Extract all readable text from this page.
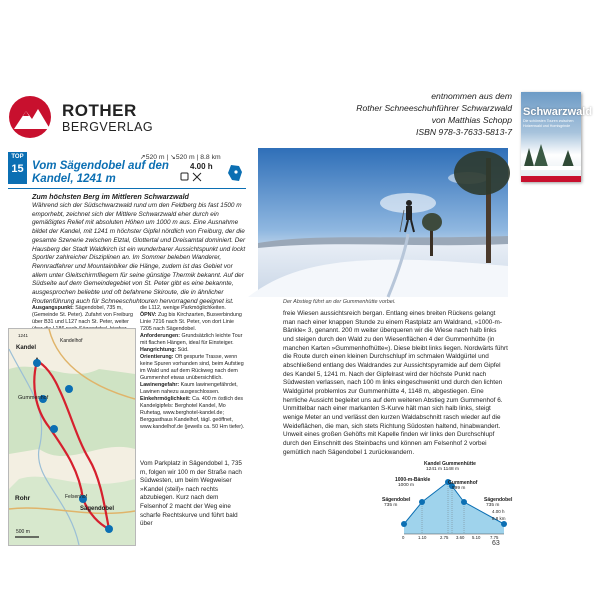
ROTHER
BERGVERLAG
entnommen aus dem
Rother Schneeschuhführer Schwarzwald
von Matthias Schopp
ISBN 978-3-7633-5813-7
Schwarzwald
Die schönsten Touren zwischen Hotzenwald und Hornisgrinde
TOP
15
↗520 m | ↘520 m | 8.8 km
Vom Sägendobel auf den Kandel, 1241 m
4.00 h
Zum höchsten Berg im Mittleren Schwarzwald
Während sich der Südschwarzwald rund um den Feldberg bis fast 1500 m emporhebt, zeichnet sich der Mittlere Schwarzwald eher durch ein gemäßigtes Relief mit absoluten Höhen um 1000 m aus. Eine Ausnahme bildet der Kandel, mit 1241 m höchster Gipfel nördlich von Freiburg, der die gesamte Szenerie zwischen Elztal, Glottertal und Dreisamtal dominiert. Der Hausberg der Stadt Waldkirch ist ein wunderbarer Aussichtspunkt und lockt Sportler zahlreicher Disziplinen an. Im Sommer beleben Wanderer, Rennradfahrer und Mountainbiker die Hänge, zudem ist das Gebiet vor allem unter Gleitschirmfliegern für seine günstige Thermik bekannt. Auf der Südseite auf dem Gemeindegebiet von St. Peter gibt es eine bekannte, ausgesprochen beliebte und oft befahrene Skiroute, die in ähnlicher Routenführung auch für Schneeschuhtouren hervorragend geeignet ist.
Ausgangspunkt: Sägendobel, 735 m, (Gemeinde St. Peter). Zufahrt von Freiburg über B31 und L127 nach St. Peter, weiter
die L112, wenige Parkmöglichkeiten.
ÖPNV: Zug bis Kirchzarten, Busverbindung Linie 7216 nach St. Peter, von dort Linie 7205 nach Sägendobel.
Anforderungen: Grundsätzlich leichte Tour mit flachen Hängen, ideal für Einsteiger.
Hangrichtung: Süd.
Orientierung: Oft gespurte Trasse, wenn keine Spuren vorhanden sind, beim Aufstieg im Wald und auf dem Rückweg nach dem Gummenhof etwas unübersichtlich.
Lawinengefahr: Kaum lawinengefährdet, Lawinen nahezu ausgeschlossen.
Einkehrmöglichkeit: Ca. 400 m östlich des Kandelgipfels: Berghotel Kandel, Mo Ruhetag, www.berghotel-kandel.de; Berggasthaus Kandelhof, tägl. geöffnet, www.kandelhof.de (jeweils ca. 50 Hm tiefer).
Kandel
Kandelhof
Gummenhof
Sägendobel
Rohr	Felsenhof
1241
500 m
Vom Parkplatz in Sägendobel 1, 735 m, folgen wir 100 m der Straße nach Südwesten, um beim Wegweiser »Kandel (steil)« nach rechts abzubiegen. Kurz nach dem Felsenhof 2 macht der Weg eine scharfe Rechtskurve und führt bald über
Der Abstieg führt an der Gummenhütte vorbei.
freie Wiesen aussichtsreich bergan. Entlang eines breiten Rückens gelangt man nach einer knappen Stunde zu einem Rastplatz am Waldrand, »1000-m-Bänkle« 3, genannt. 200 m weiter überqueren wir die Wiese nach halb links und steigen durch den Wald zu den Wiesenflächen 4 der Gummenhütte (in manchen Karten »Gummenhofhütte«). Diese bleibt links liegen. Nordwärts führt die Route durch einen kleinen Durchschlupf im schmalen Waldgürtel und abschließend entlang des Waldrandes zur Aussichtspyramide auf dem Gipfel des Kandel 5, 1241 m. Nach der Gipfelrast wird der höchste Punkt nach Südwesten verlassen, nach 100 m links eingeschwenkt und durch den lichten Waldgürtel problemlos zur Gummenhütte 4, 1148 m, abgestiegen. Eine herrliche Aussicht begleitet uns auf dem weiteren Abstieg zum Gummenhof 6. Unmittelbar nach einer markanten S-Kurve hält man sich halb links, steigt wenige Meter an und verlässt den kurzen Waldabschnitt rasch wieder auf die Weideflächen, die man, sich stets Richtung Südosten haltend, hinabwandert. Unweit eines großen Gehöfts mit Kapelle finden wir links den Durchschlupf durch den Einschnitt des Steinbachs und können am Felsenhof 2 vorbei gemütlich nach Sägendobel 1 zurückwandern.
Kandel Gummenhütte
1241 m 1148 m
1000-m-Bänkle
1000 m	Gummenhof
999 m
Sägendobel
735 m
Sägendobel
735 m
4.00 h
8.8 km
0	1.10	2.75 3.60 5.10 7.75
63
